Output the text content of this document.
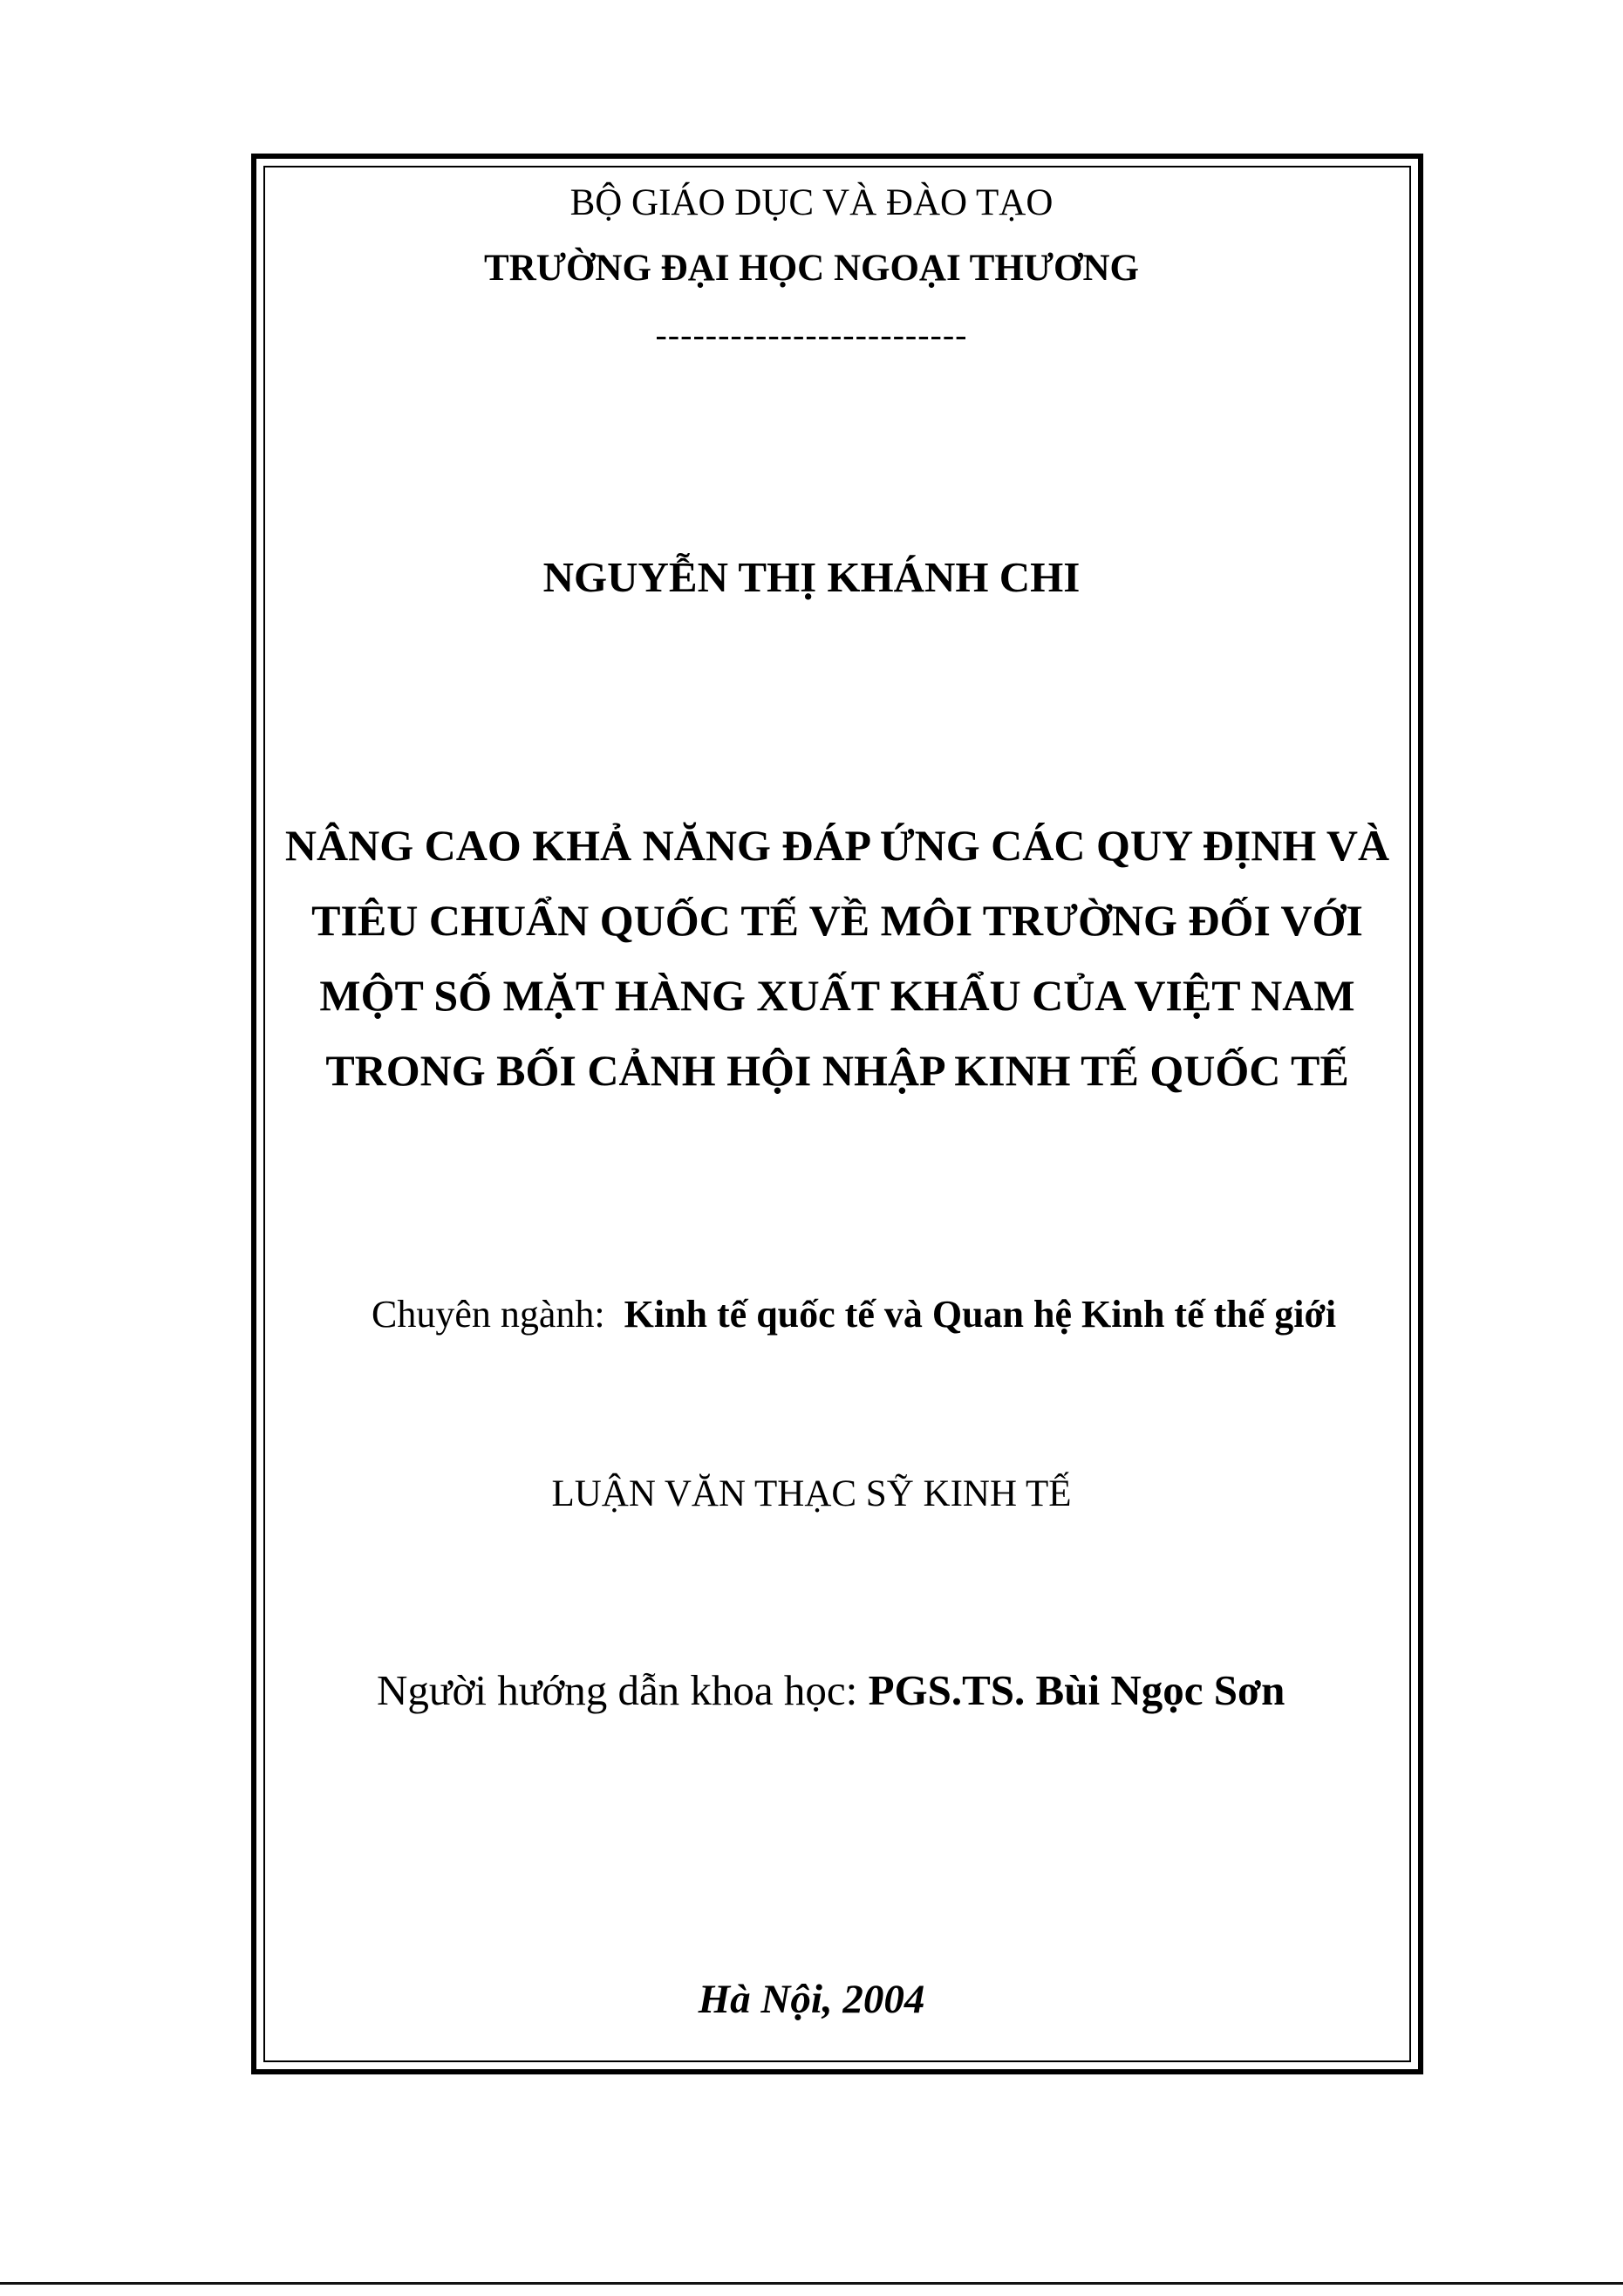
BỘ GIÁO DỤC VÀ ĐÀO TẠO
TRƯỜNG ĐẠI HỌC NGOẠI THƯƠNG
-------------------------
NGUYỄN THỊ KHÁNH CHI
NÂNG CAO KHẢ NĂNG ĐÁP ỨNG CÁC QUY ĐỊNH VÀ
TIÊU CHUẨN QUỐC TẾ VỀ MÔI TRƯỜNG ĐỐI VỚI
MỘT SỐ MẶT HÀNG XUẤT KHẨU CỦA VIỆT NAM
TRONG BỐI CẢNH HỘI NHẬP KINH TẾ QUỐC TẾ
Chuyên ngành: Kinh tế quốc tế và Quan hệ Kinh tế thế giới
LUẬN VĂN THẠC SỸ KINH TẾ
Người hướng dẫn khoa học: PGS.TS. Bùi Ngọc Sơn
Hà Nội, 2004
